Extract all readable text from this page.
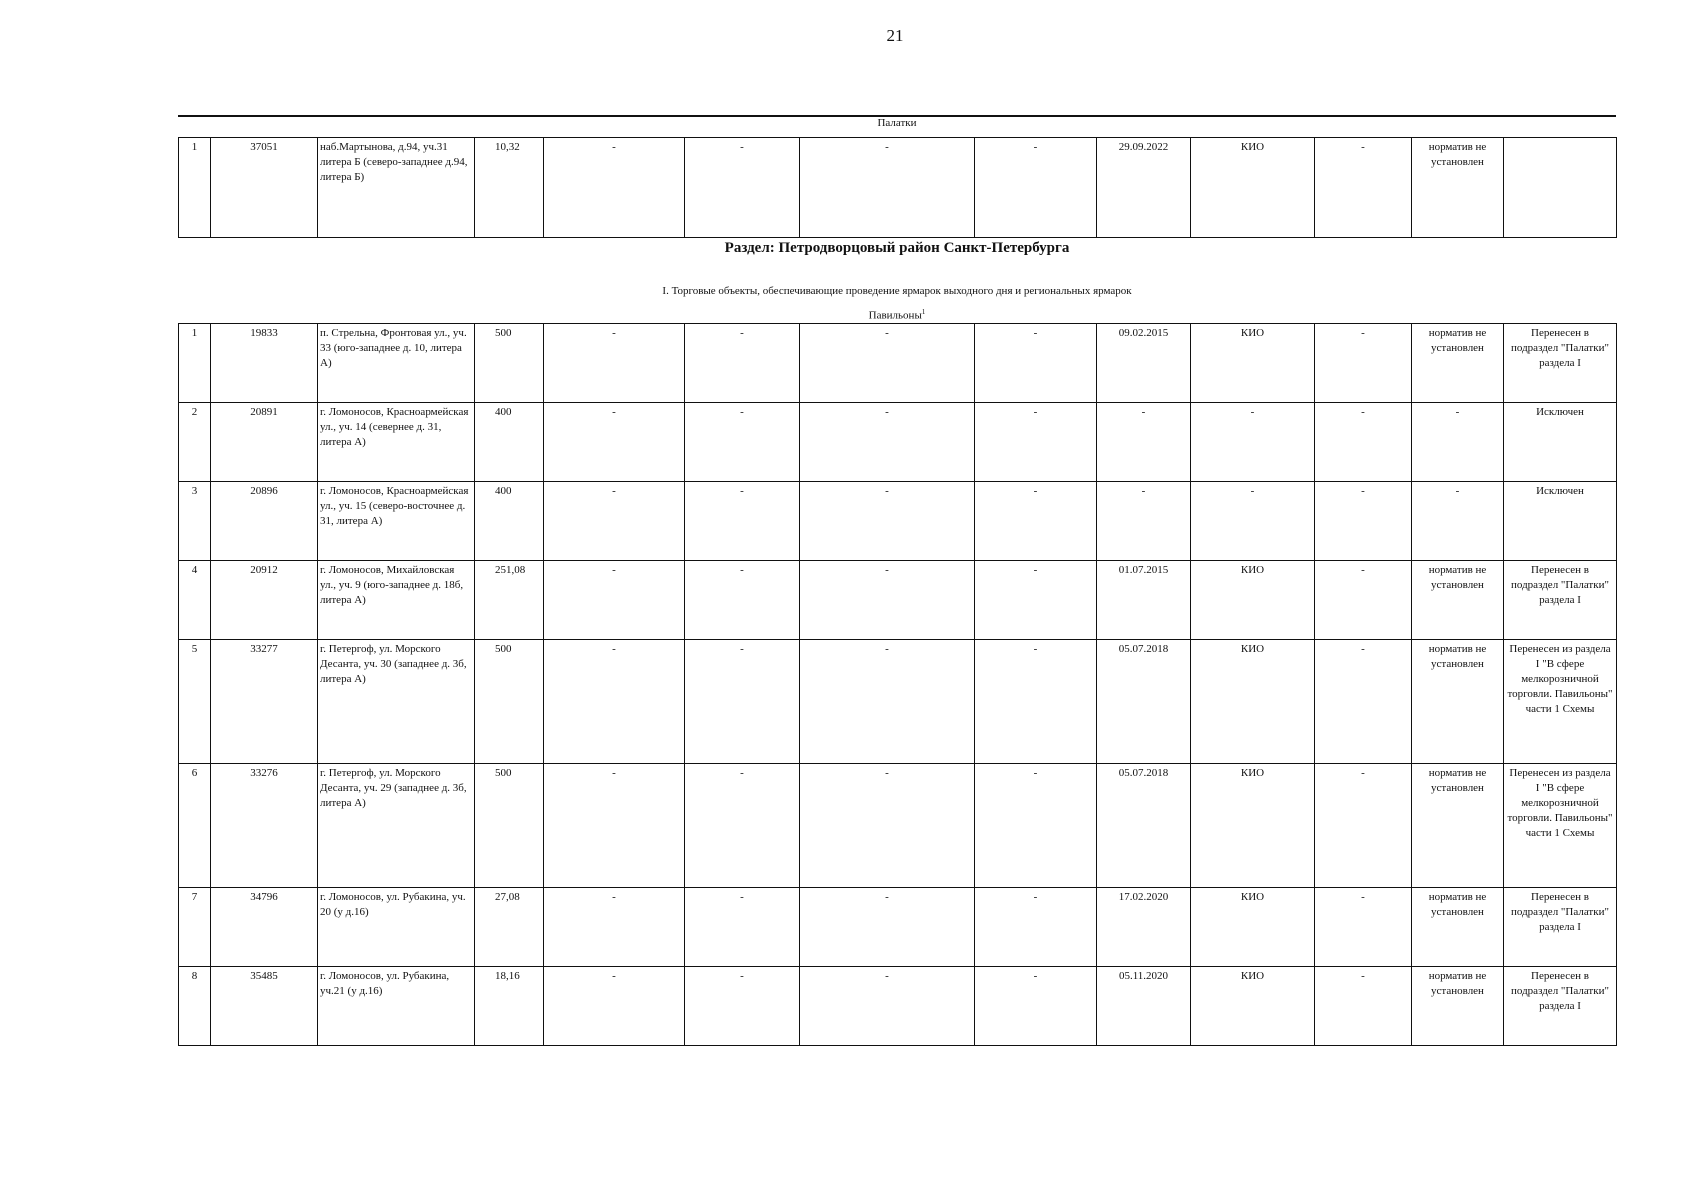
21
Палатки
1	37051	наб.Мартынова, д.94, уч.31 литера Б (северо-западнее д.94, литера Б)	10,32	-	-	-	-	29.09.2022	КИО	-	норматив не установлен	
Раздел: Петродворцовый район Санкт-Петербурга
I. Торговые объекты, обеспечивающие проведение ярмарок выходного дня и региональных ярмарок
Павильоны$^1$
1	19833	п. Стрельна, Фронтовая ул., уч. 33 (юго-западнее д. 10, литера А)	500	-	-	-	-	09.02.2015	КИО	-	норматив не установлен	Перенесен в подраздел "Палатки" раздела I
2	20891	г. Ломоносов, Красноармейская ул., уч. 14 (севернее д. 31, литера А)	400	-	-	-	-	-	-	-	-	Исключен
3	20896	г. Ломоносов, Красноармейская ул., уч. 15 (северо-восточнее д. 31, литера А)	400	-	-	-	-	-	-	-	-	Исключен
4	20912	г. Ломоносов, Михайловская ул., уч. 9 (юго-западнее д. 18б, литера А)	251,08	-	-	-	-	01.07.2015	КИО	-	норматив не установлен	Перенесен в подраздел "Палатки" раздела I
5	33277	г. Петергоф, ул. Морского Десанта, уч. 30 (западнее д. 3б, литера А)	500	-	-	-	-	05.07.2018	КИО	-	норматив не установлен	Перенесен из раздела I "В сфере мелкорозничной торговли. Павильоны" части 1 Схемы
6	33276	г. Петергоф, ул. Морского Десанта, уч. 29 (западнее д. 3б, литера А)	500	-	-	-	-	05.07.2018	КИО	-	норматив не установлен	Перенесен из раздела I "В сфере мелкорозничной торговли. Павильоны" части 1 Схемы
7	34796	г. Ломоносов, ул. Рубакина, уч. 20 (у д.16)	27,08	-	-	-	-	17.02.2020	КИО	-	норматив не установлен	Перенесен в подраздел "Палатки" раздела I
8	35485	г. Ломоносов, ул. Рубакина, уч.21 (у д.16)	18,16	-	-	-	-	05.11.2020	КИО	-	норматив не установлен	Перенесен в подраздел "Палатки" раздела I
